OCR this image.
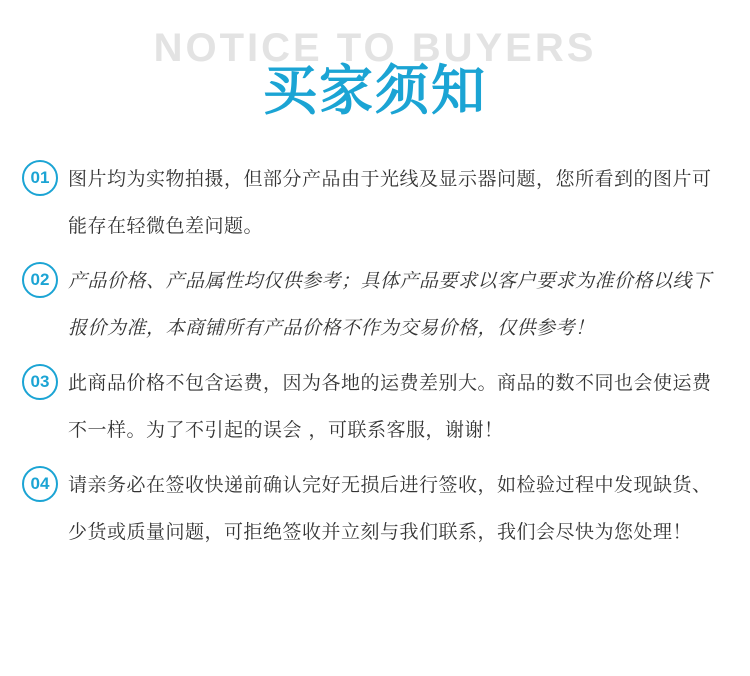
NOTICE TO BUYERS
买家须知
01 图片均为实物拍摄，但部分产品由于光线及显示器问题，您所看到的图片可能存在轻微色差问题。
02 产品价格、产品属性均仅供参考；具体产品要求以客户要求为准价格以线下报价为准，本商铺所有产品价格不作为交易价格，仅供参考！
03 此商品价格不包含运费，因为各地的运费差别大。商品的数不同也会使运费不一样。为了不引起的误会 ，可联系客服，谢谢！
04 请亲务必在签收快递前确认完好无损后进行签收，如检验过程中发现缺货、少货或质量问题，可拒绝签收并立刻与我们联系，我们会尽快为您处理！
